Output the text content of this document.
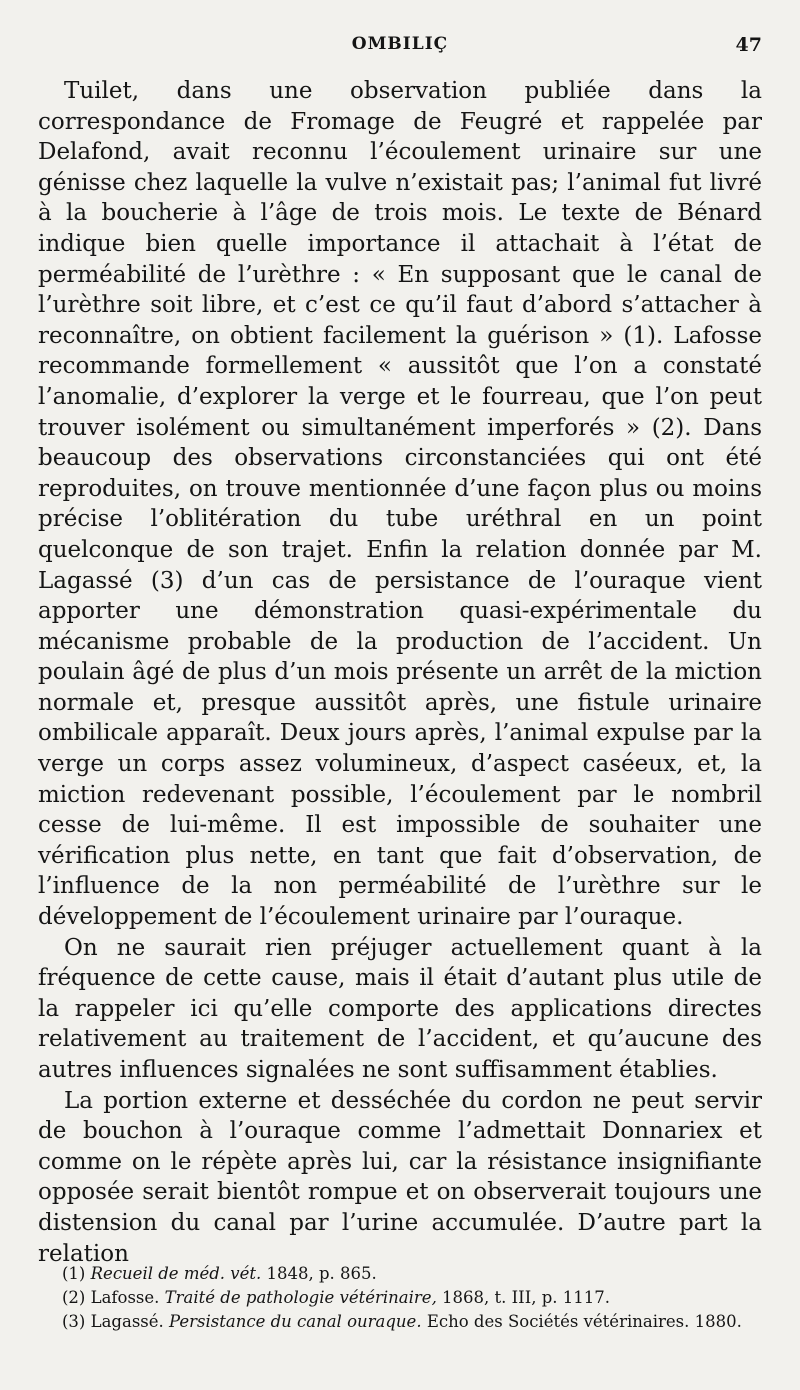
OMBILIÇ	47

Tuilet, dans une observation publiée dans la correspondance de Fromage de Feugré et rappelée par Delafond, avait reconnu l’écoulement urinaire sur une génisse chez laquelle la vulve n’existait pas; l’animal fut livré à la boucherie à l’âge de trois mois. Le texte de Bénard indique bien quelle importance il attachait à l’état de perméabilité de l’urèthre : « En supposant que le canal de l’urèthre soit libre, et c’est ce qu’il faut d’abord s’attacher à reconnaître, on obtient facilement la guérison » (1). Lafosse recommande formellement « aussitôt que l’on a constaté l’anomalie, d’explorer la verge et le fourreau, que l’on peut trouver isolément ou simultanément imperforés » (2). Dans beaucoup des observations circonstanciées qui ont été reproduites, on trouve mentionnée d’une façon plus ou moins précise l’oblitération du tube uréthral en un point quelconque de son trajet. Enfin la relation donnée par M. Lagassé (3) d’un cas de persistance de l’ouraque vient apporter une démonstration quasi-expérimentale du mécanisme probable de la production de l’accident. Un poulain âgé de plus d’un mois présente un arrêt de la miction normale et, presque aussitôt après, une fistule urinaire ombilicale apparaît. Deux jours après, l’animal expulse par la verge un corps assez volumineux, d’aspect caséeux, et, la miction redevenant possible, l’écoulement par le nombril cesse de lui-même. Il est impossible de souhaiter une vérification plus nette, en tant que fait d’observation, de l’influence de la non perméabilité de l’urèthre sur le développement de l’écoulement urinaire par l’ouraque.

On ne saurait rien préjuger actuellement quant à la fréquence de cette cause, mais il était d’autant plus utile de la rappeler ici qu’elle comporte des applications directes relativement au traitement de l’accident, et qu’aucune des autres influences signalées ne sont suffisamment établies.

La portion externe et desséchée du cordon ne peut servir de bouchon à l’ouraque comme l’admettait Donnariex et comme on le répète après lui, car la résistance insignifiante opposée serait bientôt rompue et on observerait toujours une distension du canal par l’urine accumulée. D’autre part la relation

(1) Recueil de méd. vét. 1848, p. 865.

(2) Lafosse. Traité de pathologie vétérinaire, 1868, t. III, p. 1117.

(3) Lagassé. Persistance du canal ouraque. Echo des Sociétés vétérinaires. 1880.
